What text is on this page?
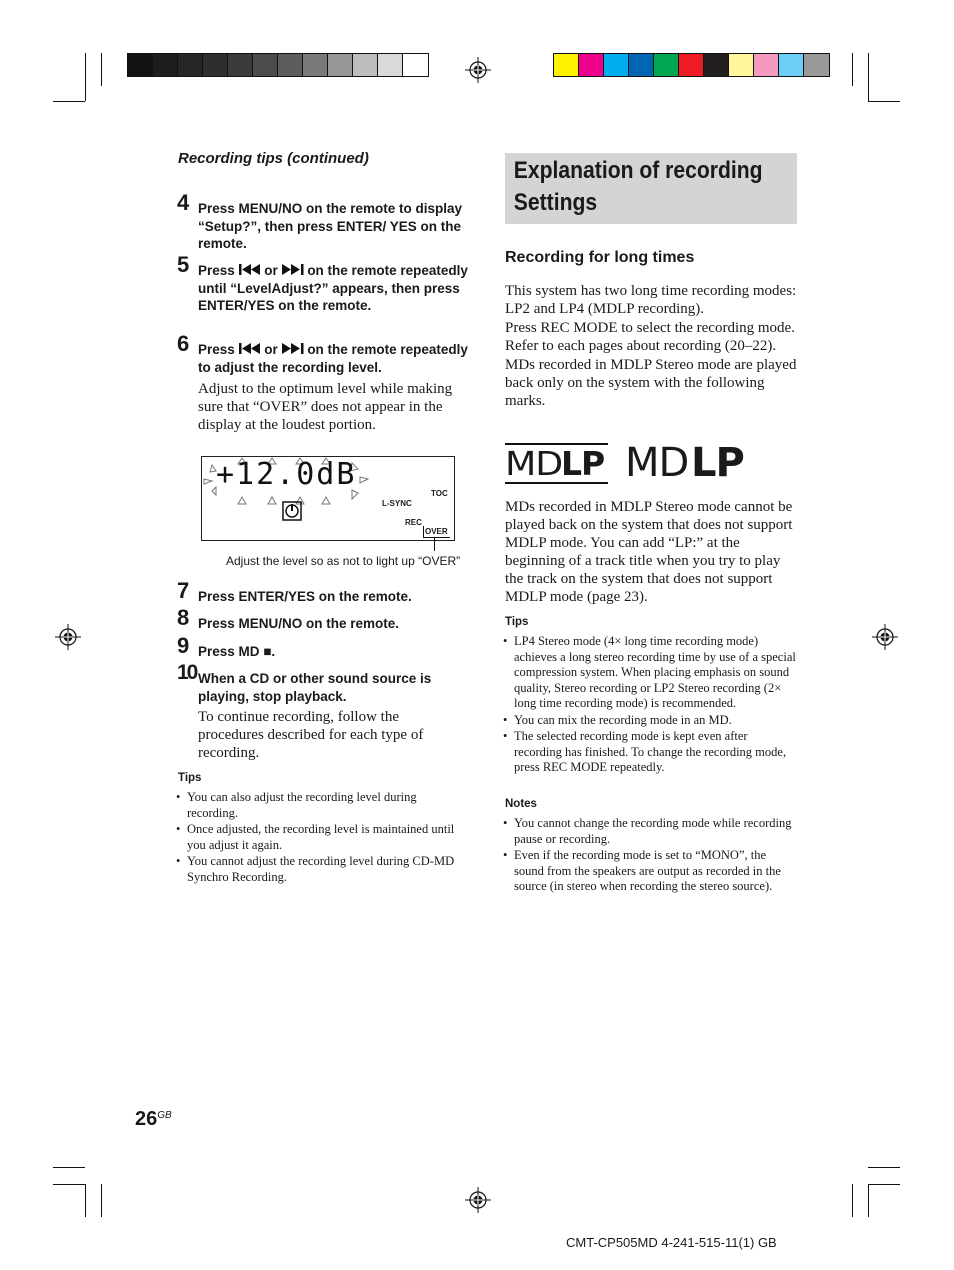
Recording tips (continued)
4 Press MENU/NO on the remote to display “Setup?”, then press ENTER/ YES on the remote.
5 Press  or  on the remote repeatedly until “LevelAdjust?” appears, then press ENTER/YES on the remote.
6 Press  or  on the remote repeatedly to adjust the recording level.
Adjust to the optimum level while making sure that “OVER” does not appear in the display at the loudest portion.
+12.0dB
TOC
L-SYNC
REC
OVER
Adjust the level so as not to light up “OVER”
7 Press ENTER/YES on the remote.
8 Press MENU/NO on the remote.
9 Press MD ■.
10 When a CD or other sound source is playing, stop playback.
To continue recording, follow the procedures described for each type of recording.
Tips
• You can also adjust the recording level during recording.
• Once adjusted, the recording level is maintained until you adjust it again.
• You cannot adjust the recording level during CD-MD Synchro Recording.
Explanation of recording
Settings
Recording for long times

This system has two long time recording modes: LP2 and LP4 (MDLP recording).

Press REC MODE to select the recording mode. Refer to each pages about recording (20–22).

MDs recorded in MDLP Stereo mode are played back only on the system with the following marks.

MD
LP MD LP
MDs recorded in MDLP Stereo mode cannot be played back on the system that does not support MDLP mode. You can add “LP:” at the beginning of a track title when you try to play the track on the system that does not support MDLP mode (page 23).
Tips
• LP4 Stereo mode (4× long time recording mode) achieves a long stereo recording time by use of a special compression system. When placing emphasis on sound quality, Stereo recording or LP2 Stereo recording (2× long time recording mode) is recommended.
• You can mix the recording mode in an MD.
• The selected recording mode is kept even after recording has finished. To change the recording mode, press REC MODE repeatedly.
Notes
• You cannot change the recording mode while recording pause or recording.
• Even if the recording mode is set to “MONO”, the sound from the speakers are output as recorded in the source (in stereo when recording the stereo source).
$26^{GB}$
CMT-CP505MD 4-241-515-11(1) GB
